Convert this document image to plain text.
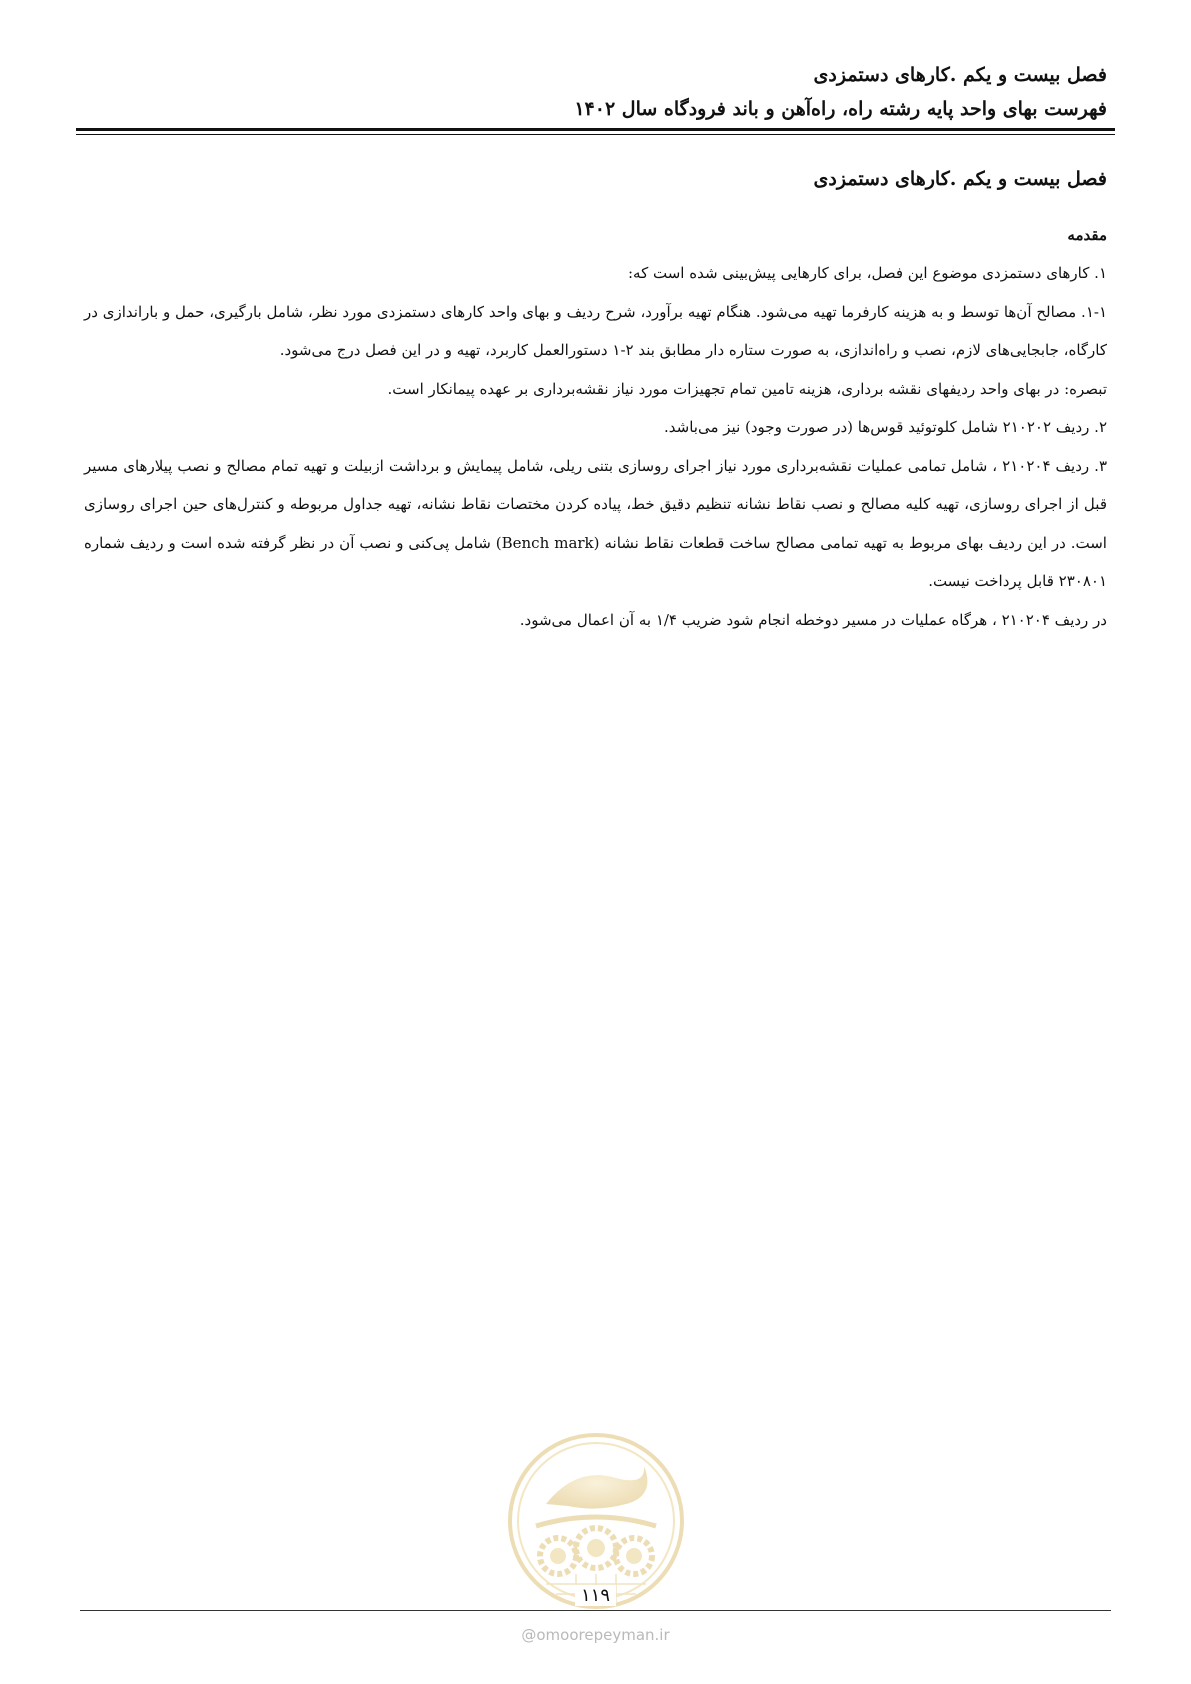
فصل بیست و یکم .کارهای دستمزدی
فهرست بهای واحد پایه رشته راه، راه‌آهن و باند فرودگاه سال ۱۴۰۲
فصل بیست و یکم .کارهای دستمزدی
مقدمه

۱. کارهای دستمزدی موضوع این فصل، برای کارهایی پیش‌بینی شده است که:

۱-۱. مصالح آن‌ها توسط و به هزینه کارفرما تهیه می‌شود. هنگام تهیه برآورد، شرح ردیف و بهای واحد کارهای دستمزدی مورد نظر، شامل بارگیری، حمل و باراندازی در کارگاه، جابجایی‌های لازم، نصب و راه‌اندازی، به صورت ستاره دار مطابق بند ۲-۱ دستورالعمل کاربرد، تهیه و در این فصل درج می‌شود.

تبصره: در بهای واحد ردیفهای نقشه برداری، هزینه تامین تمام تجهیزات مورد نیاز نقشه‌برداری بر عهده پیمانکار است.

۲. ردیف ۲۱۰۲۰۲ شامل کلوتوئید قوس‌ها (در صورت وجود) نیز می‌باشد.

۳. ردیف ۲۱۰۲۰۴ ، شامل تمامی عملیات نقشه‌برداری مورد نیاز اجرای روسازی بتنی ریلی، شامل پیمایش و برداشت ازبیلت و تهیه تمام مصالح و نصب پیلارهای مسیر قبل از اجرای روسازی، تهیه کلیه مصالح و نصب نقاط نشانه تنظیم دقیق خط، پیاده کردن مختصات نقاط نشانه، تهیه جداول مربوطه و کنترل‌های حین اجرای روسازی است. در این ردیف بهای مربوط به تهیه تمامی مصالح ساخت قطعات نقاط نشانه (Bench mark) شامل پی‌کنی و نصب آن در نظر گرفته شده است و ردیف شماره ۲۳۰۸۰۱ قابل پرداخت نیست.

در ردیف ۲۱۰۲۰۴ ، هرگاه عملیات در مسیر دوخطه انجام شود ضریب ۱/۴ به آن اعمال می‌شود.

۱۱۹
@omoorepeyman.ir
